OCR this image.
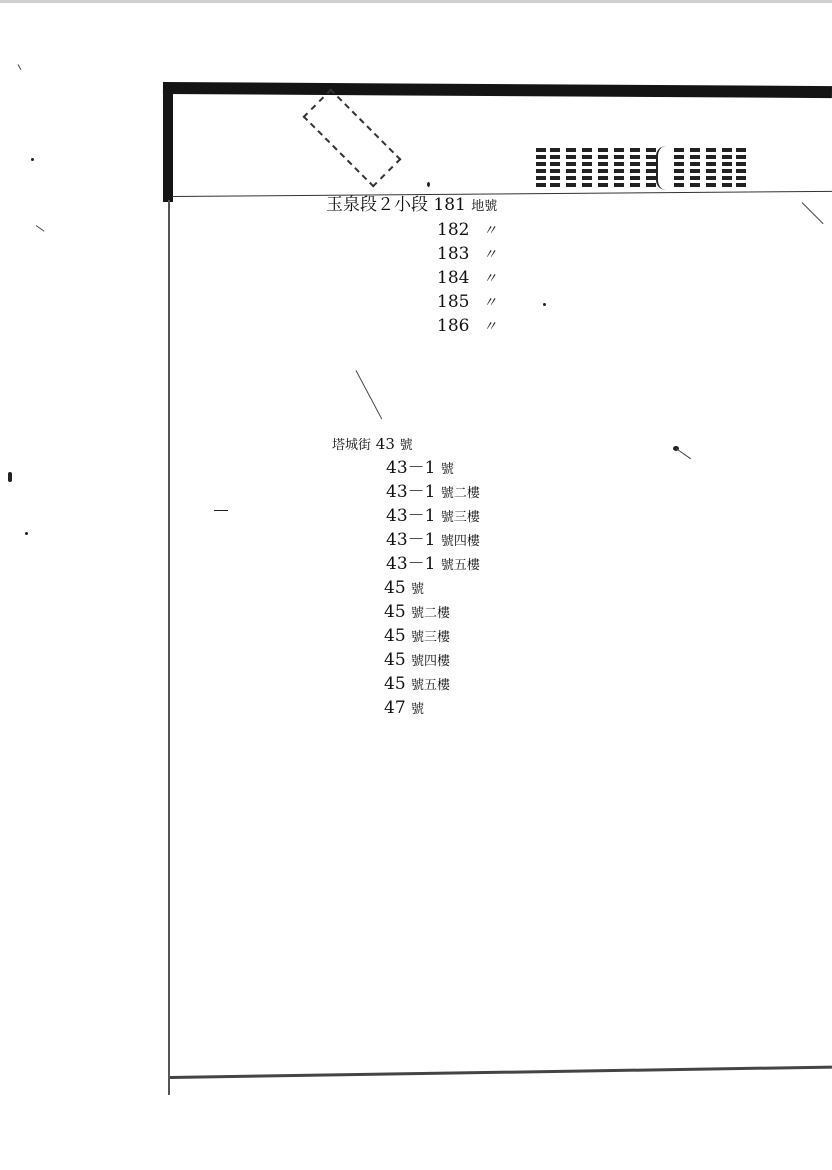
玉泉段２小段 181 地號
182 〃
183 〃
184 〃
185 〃
186 〃
塔城街 43 號
43－1 號
43－1 號二樓
43－1 號三樓
43－1 號四樓
43－1 號五樓
45 號
45 號二樓
45 號三樓
45 號四樓
45 號五樓
47 號
